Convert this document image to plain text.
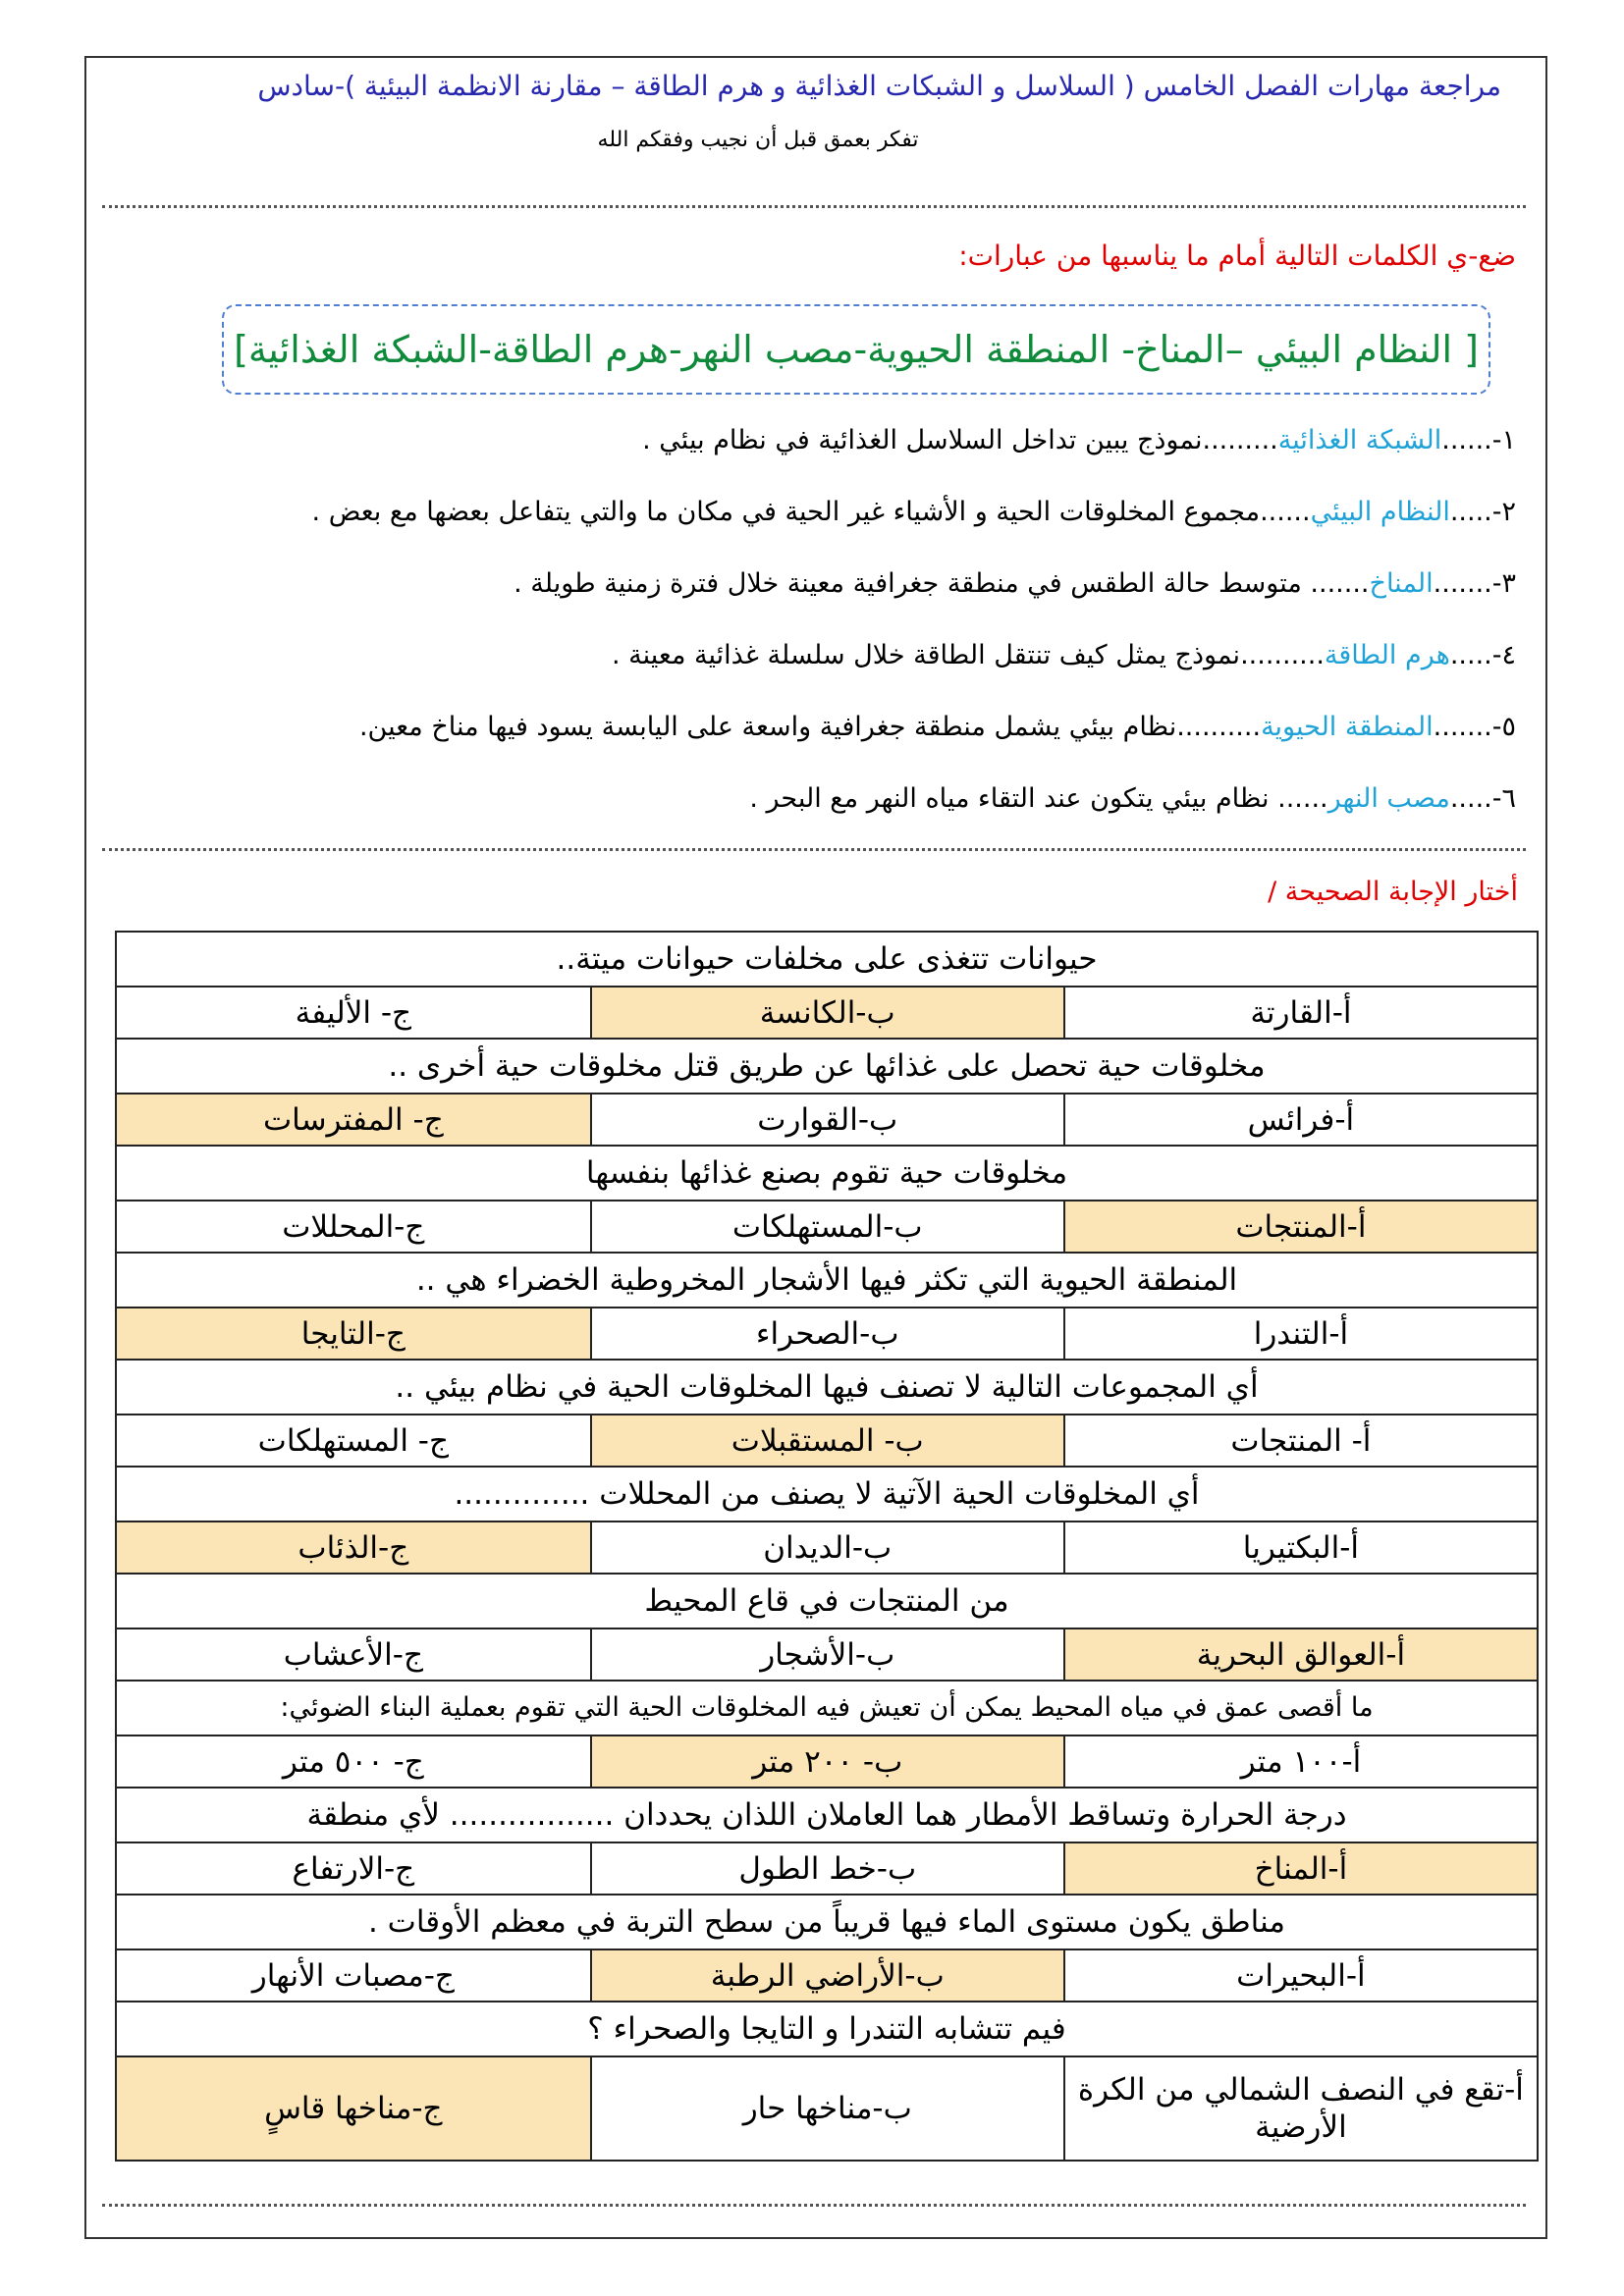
مراجعة مهارات الفصل الخامس ( السلاسل و الشبكات الغذائية و هرم الطاقة – مقارنة الانظمة البيئية )-سادس
تفكر بعمق قبل أن نجيب وفقكم الله
ضع-ي الكلمات التالية أمام ما يناسبها من عبارات:
[ النظام البيئي –المناخ- المنطقة الحيوية-مصب النهر-هرم الطاقة-الشبكة الغذائية]
١-......الشبكة الغذائية.........نموذج يبين تداخل السلاسل الغذائية في نظام بيئي .
٢-.....النظام البيئي......مجموع المخلوقات الحية و الأشياء غير الحية في مكان ما والتي يتفاعل بعضها مع بعض .
٣-.......المناخ....... متوسط حالة الطقس في منطقة جغرافية معينة خلال فترة زمنية طويلة .
٤-.....هرم الطاقة..........نموذج يمثل كيف تنتقل الطاقة خلال سلسلة غذائية معينة .
٥-.......المنطقة الحيوية..........نظام بيئي يشمل منطقة جغرافية واسعة على اليابسة يسود فيها مناخ معين.
٦-.....مصب النهر...... نظام بيئي يتكون عند التقاء مياه النهر مع البحر .
أختار الإجابة الصحيحة /
حيوانات تتغذى على مخلفات حيوانات ميتة..		
أ-القارتة	ب-الكانسة	ج- الأليفة
مخلوقات حية تحصل على غذائها عن طريق قتل مخلوقات حية أخرى ..		
أ-فرائس	ب-القوارت	ج- المفترسات
مخلوقات حية تقوم بصنع غذائها بنفسها		
أ-المنتجات	ب-المستهلكات	ج-المحللات
المنطقة الحيوية التي تكثر فيها الأشجار المخروطية الخضراء هي ..		
أ-التندرا	ب-الصحراء	ج-التايجا
أي المجموعات التالية لا تصنف فيها المخلوقات الحية في نظام بيئي ..		
أ- المنتجات	ب- المستقبلات	ج- المستهلكات
أي المخلوقات الحية الآتية لا يصنف من المحللات ..............		
أ-البكتيريا	ب-الديدان	ج-الذئاب
من المنتجات في قاع المحيط		
أ-العوالق البحرية	ب-الأشجار	ج-الأعشاب
ما أقصى عمق في مياه المحيط يمكن أن تعيش فيه المخلوقات الحية التي تقوم بعملية البناء الضوئي:		
أ-١٠٠ متر	ب- ٢٠٠ متر	ج- ٥٠٠ متر
درجة الحرارة وتساقط الأمطار هما العاملان اللذان يحددان ................. لأي منطقة		
أ-المناخ	ب-خط الطول	ج-الارتفاع
مناطق يكون مستوى الماء فيها قريباً من سطح التربة في معظم الأوقات .		
أ-البحيرات	ب-الأراضي الرطبة	ج-مصبات الأنهار
فيم تتشابه التندرا و التايجا والصحراء ؟		
أ-تقع في النصف الشمالي من الكرة الأرضية	ب-مناخها حار	ج-مناخها قاسٍ
